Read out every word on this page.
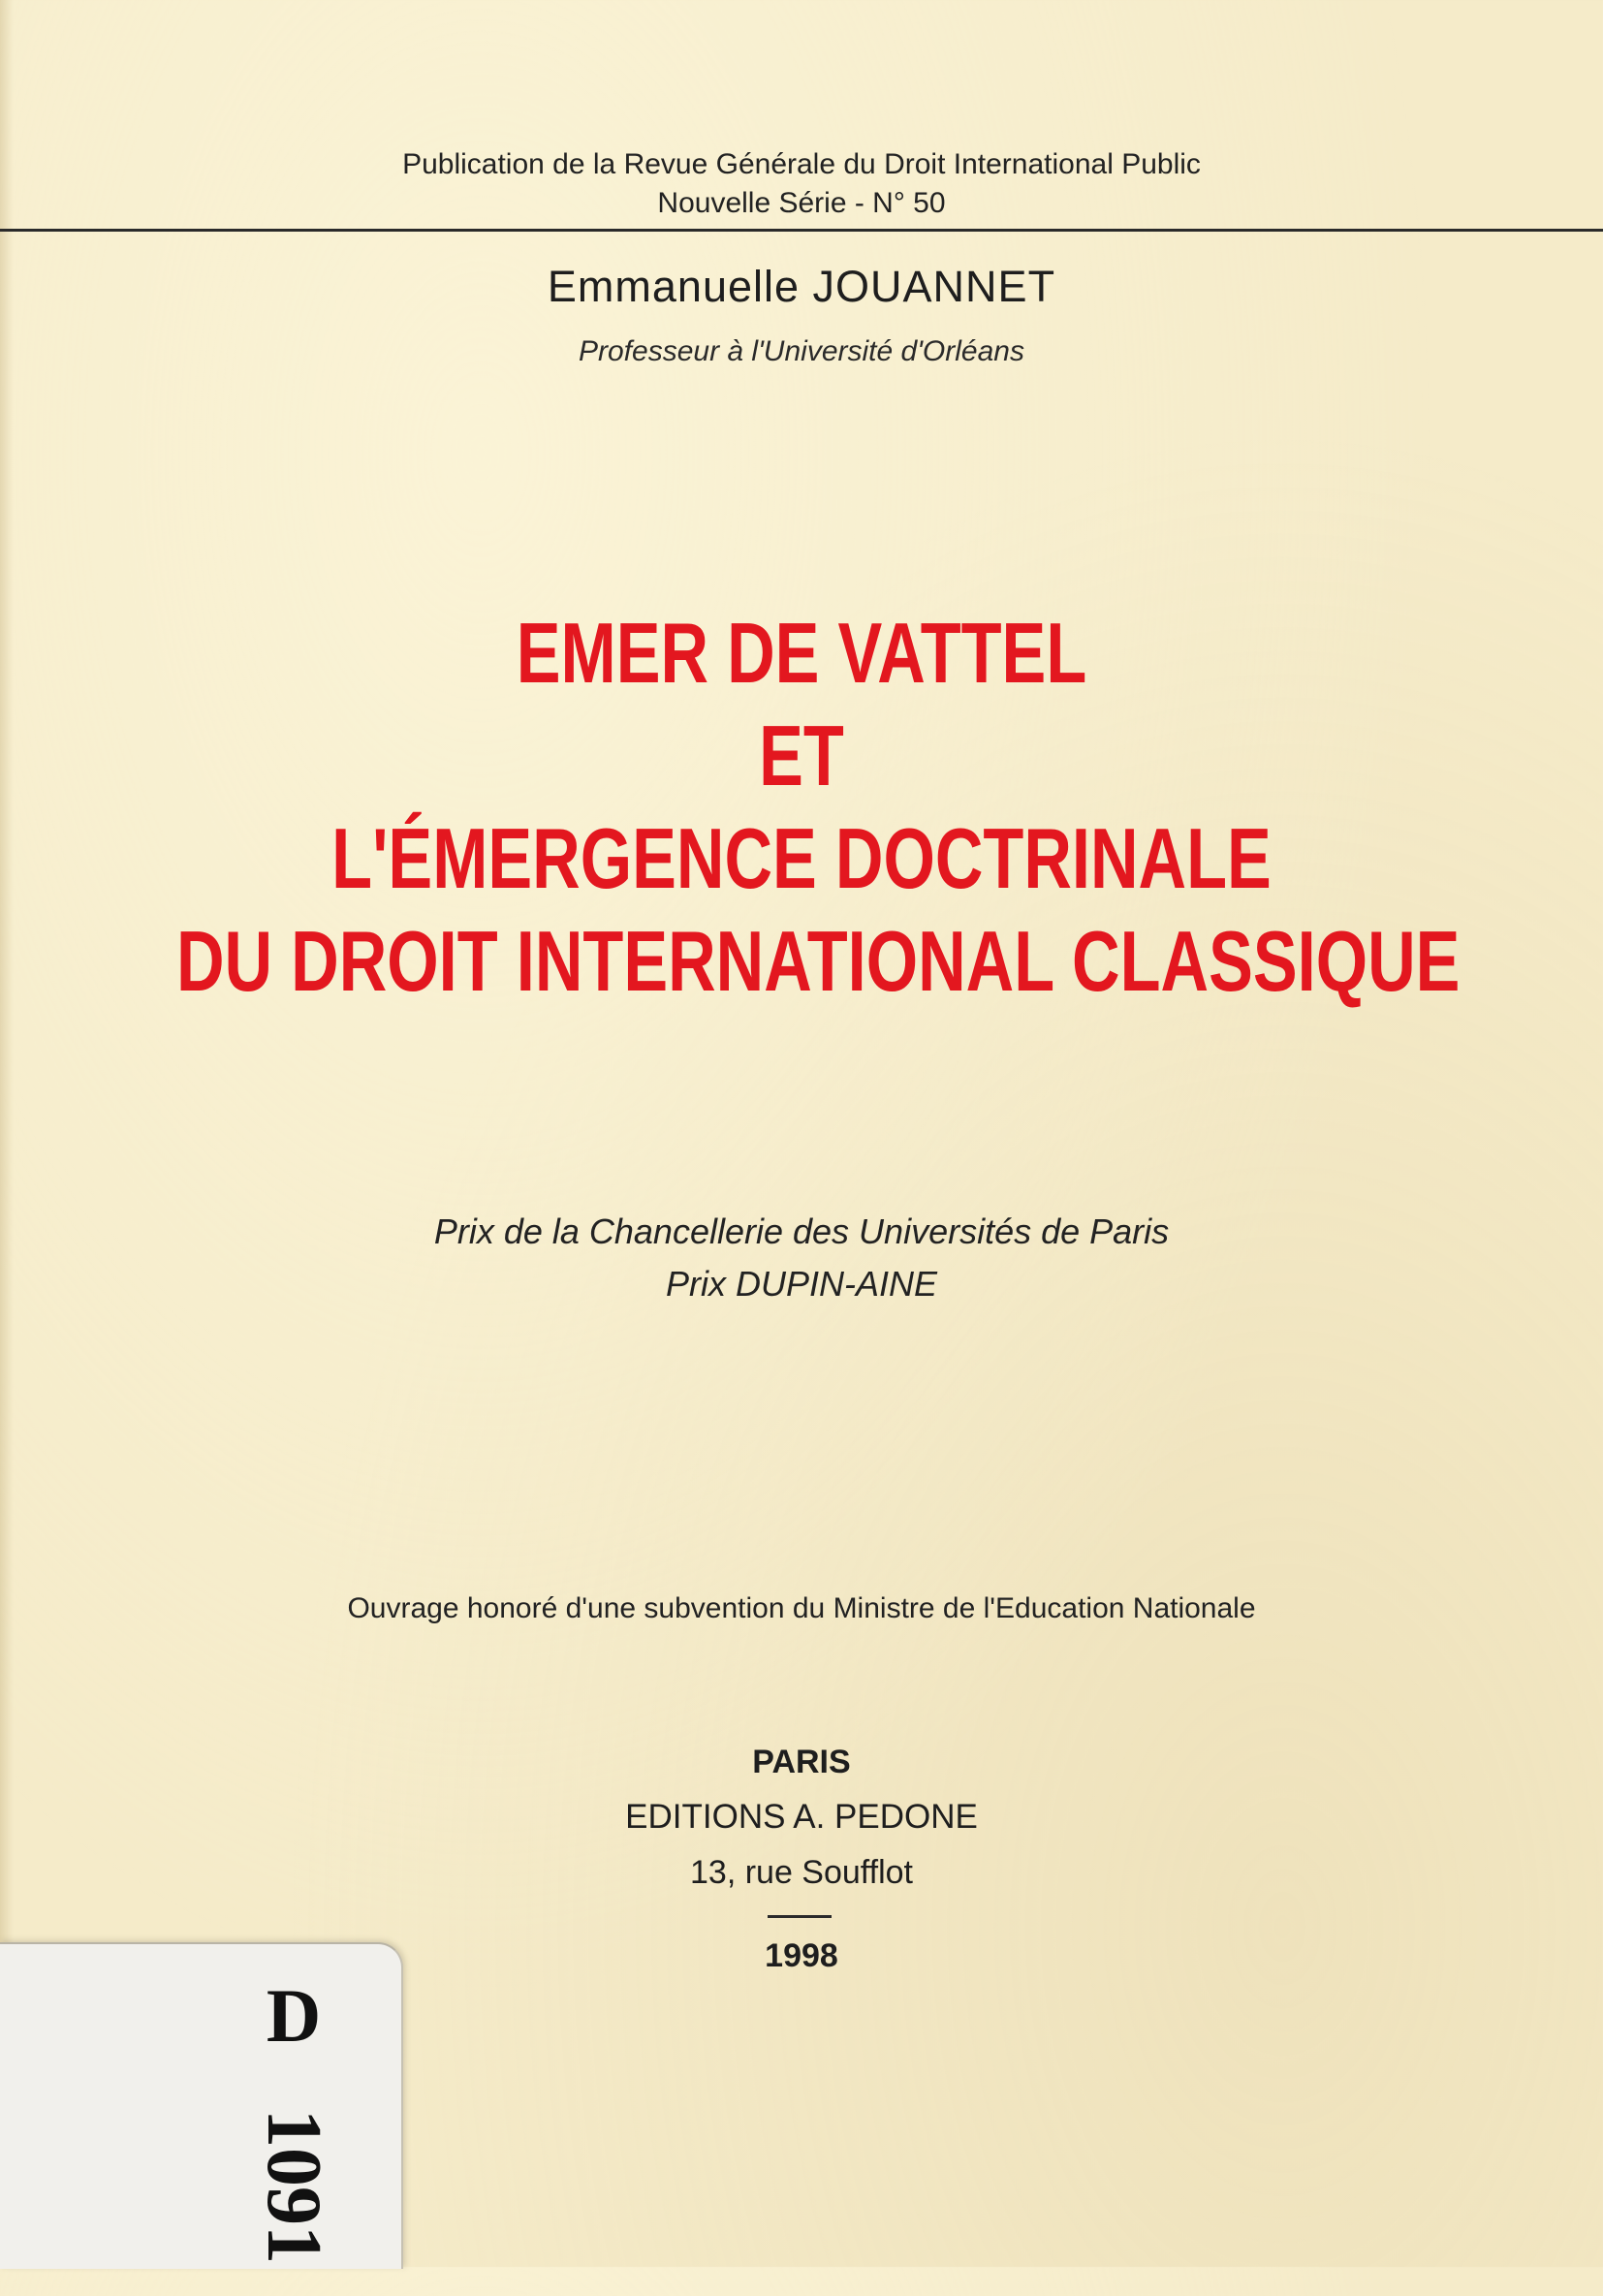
Publication de la Revue Générale du Droit International Public
Nouvelle Série - N° 50
Emmanuelle JOUANNET
Professeur à l'Université d'Orléans
EMER DE VATTEL
ET
L'ÉMERGENCE DOCTRINALE
DU DROIT INTERNATIONAL CLASSIQUE
Prix de la Chancellerie des Universités de Paris
Prix DUPIN-AINE
Ouvrage honoré d'une subvention du Ministre de l'Education Nationale
PARIS
EDITIONS A. PEDONE
13, rue Soufflot
1998
D
1091
